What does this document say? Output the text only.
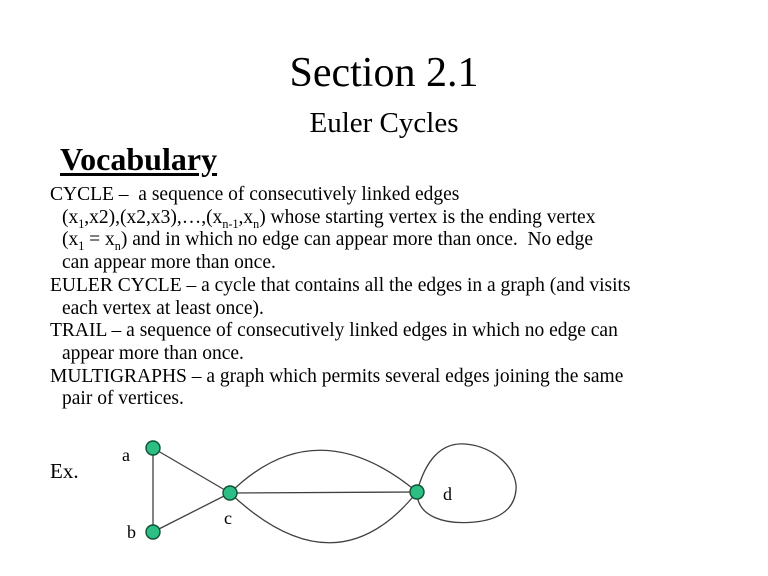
Section 2.1
Euler Cycles
Vocabulary
CYCLE –  a sequence of consecutively linked edges
$(x_1,x2),(x2,x3),\dots,(x_{n-1},x_n)$ whose starting vertex is the ending vertex
$(x_1 = x_n)$ and in which no edge can appear more than once.  No edge
can appear more than once.
EULER CYCLE – a cycle that contains all the edges in a graph (and visits
each vertex at least once).
TRAIL – a sequence of consecutively linked edges in which no edge can
appear more than once.
MULTIGRAPHS – a graph which permits several edges joining the same
pair of vertices.
a
b
c
d
Ex.
